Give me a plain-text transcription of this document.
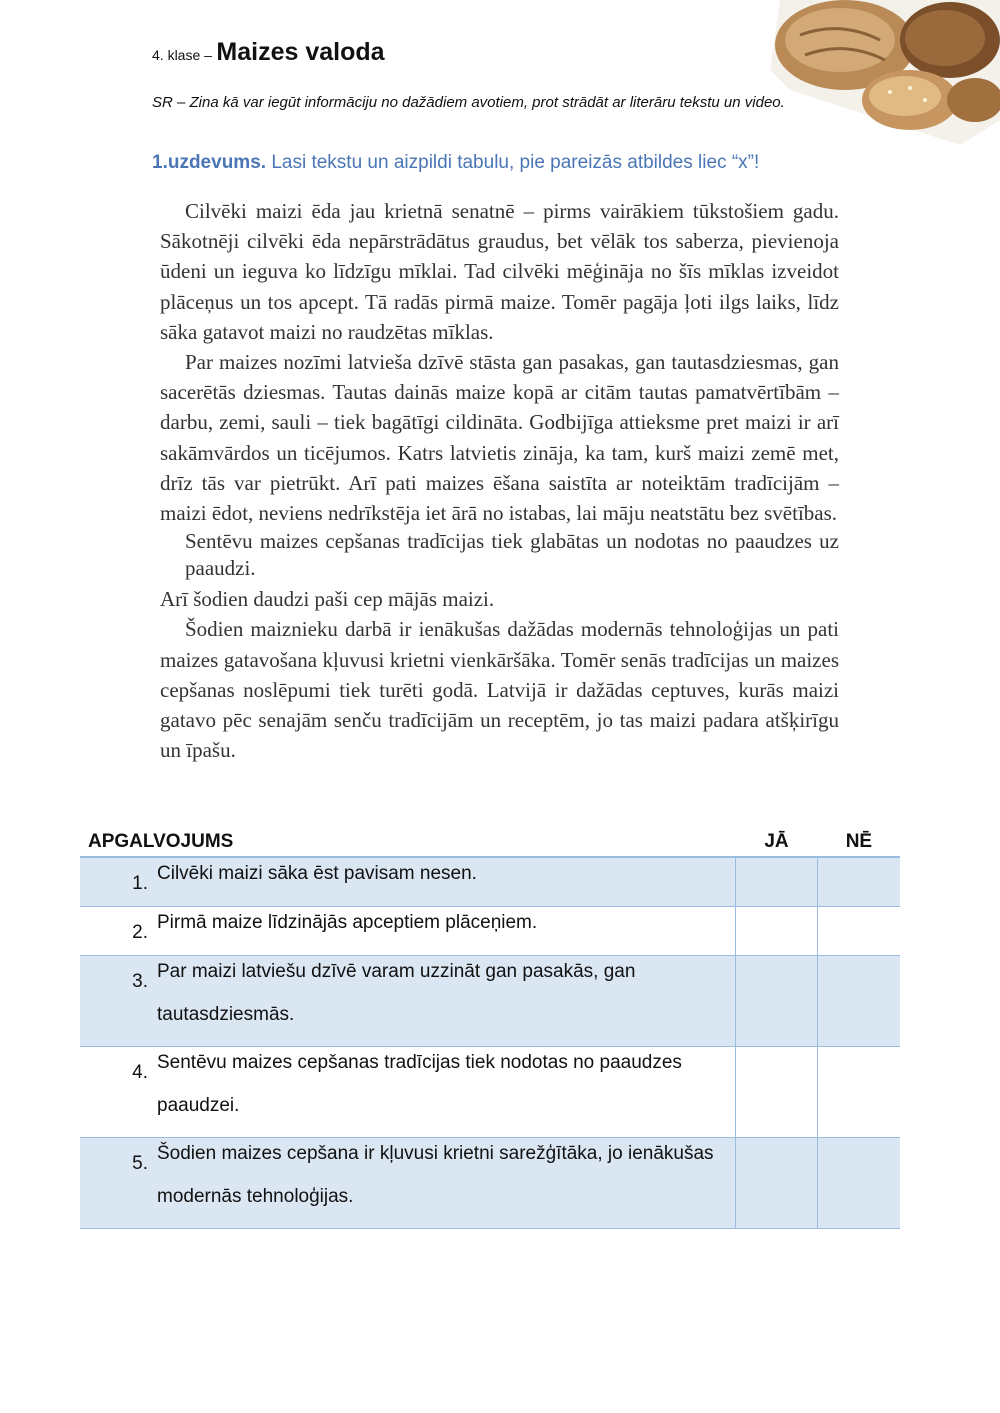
4. klase – Maizes valoda
SR – Zina kā var iegūt informāciju no dažādiem avotiem, prot strādāt ar literāru tekstu un video.
1.uzdevums. Lasi tekstu un aizpildi tabulu, pie pareizās atbildes liec “x”!

Cilvēki maizi ēda jau krietnā senatnē – pirms vairākiem tūkstošiem gadu. Sākotnēji cilvēki ēda nepārstrādātus graudus, bet vēlāk tos saberza, pievienoja ūdeni un ieguva ko līdzīgu mīklai. Tad cilvēki mēģināja no šīs mīklas izveidot plāceņus un tos apcept. Tā radās pirmā maize. Tomēr pagāja ļoti ilgs laiks, līdz sāka gatavot maizi no raudzētas mīklas.

Par maizes nozīmi latvieša dzīvē stāsta gan pasakas, gan tautasdziesmas, gan sacerētās dziesmas. Tautas dainās maize kopā ar citām tautas pamatvērtībām – darbu, zemi, sauli – tiek bagātīgi cildināta. Godbijīga attieksme pret maizi ir arī sakāmvārdos un ticējumos. Katrs latvietis zināja, ka tam, kurš maizi zemē met, drīz tās var pietrūkt. Arī pati maizes ēšana saistīta ar noteiktām tradīcijām – maizi ēdot, neviens nedrīkstēja iet ārā no istabas, lai māju neatstātu bez svētības.

Sentēvu maizes cepšanas tradīcijas tiek glabātas un nodotas no paaudzes uz paaudzi.

Arī šodien daudzi paši cep mājās maizi.

Šodien maiznieku darbā ir ienākušas dažādas modernās tehnoloģijas un pati maizes gatavošana kļuvusi krietni vienkāršāka. Tomēr senās tradīcijas un maizes cepšanas noslēpumi tiek turēti godā. Latvijā ir dažādas ceptuves, kurās maizi gatavo pēc senajām senču tradīcijām un receptēm, jo tas maizi padara atšķirīgu un īpašu.

APGALVOJUMS	JĀ	NĒ

1. Cilvēki maizi sāka ēst pavisam nesen.		

2. Pirmā maize līdzinājās apceptiem plāceņiem.		

3. Par maizi latviešu dzīvē varam uzzināt gan pasakās, gan tautasdziesmās.		

4. Sentēvu maizes cepšanas tradīcijas tiek nodotas no paaudzes paaudzei.		

5. Šodien maizes cepšana ir kļuvusi krietni sarežģītāka, jo ienākušas modernās tehnoloģijas.		
